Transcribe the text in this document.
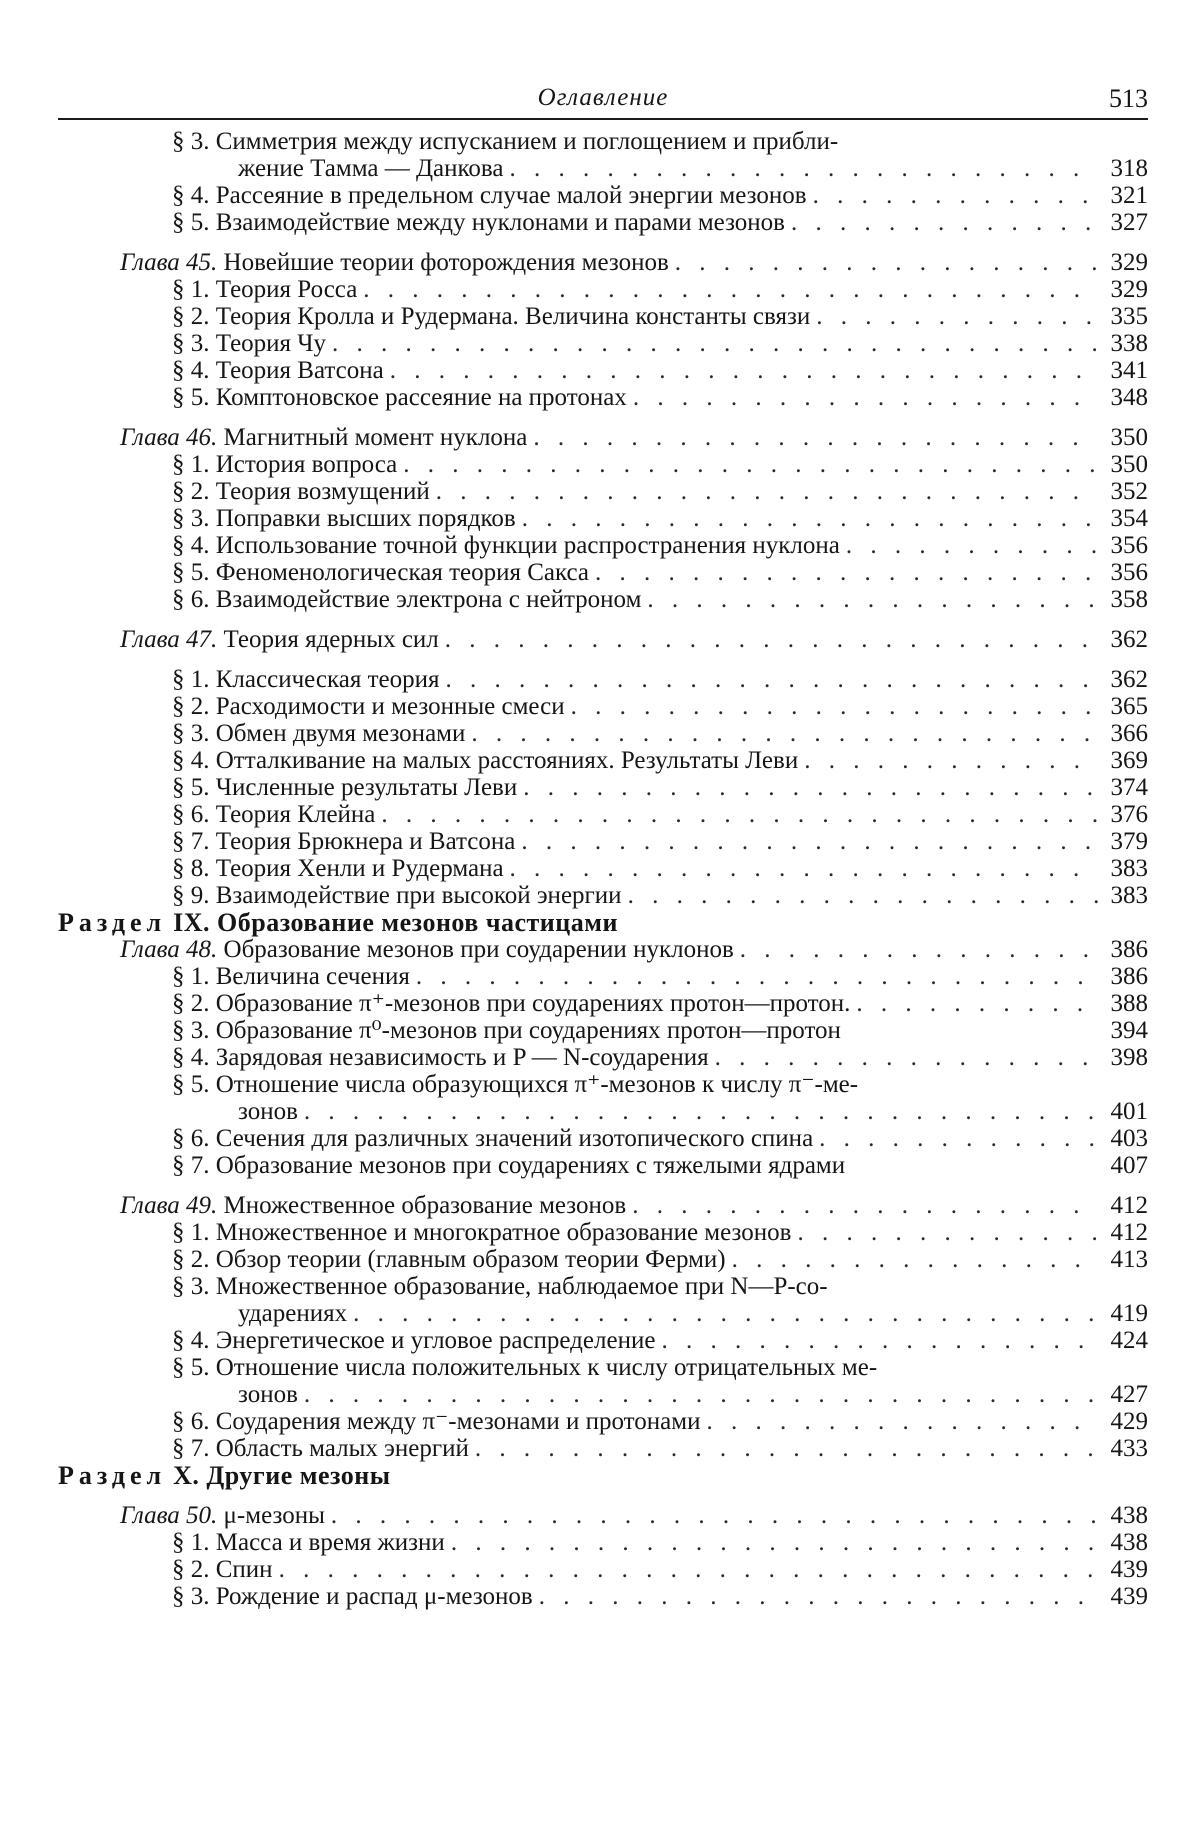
Оглавление	513
§ 3. Симметрия между испусканием и поглощением и прибли-
жение Тамма — Данкова . . .	318
§ 4. Рассеяние в предельном случае малой энергии мезонов . . .	321
§ 5. Взаимодействие между нуклонами и парами мезонов . . .	327
Глава 45. Новейшие теории фоторождения мезонов . . .	329
§ 1. Теория Росса . . .	329
§ 2. Теория Кролла и Рудермана. Величина константы связи . . .	335
§ 3. Теория Чу . . .	338
§ 4. Теория Ватсона . . .	341
§ 5. Комптоновское рассеяние на протонах . . .	348
Глава 46. Магнитный момент нуклона . . .	350
§ 1. История вопроса . . .	350
§ 2. Теория возмущений . . .	352
§ 3. Поправки высших порядков . . .	354
§ 4. Использование точной функции распространения нуклона . . .	356
§ 5. Феноменологическая теория Сакса . . .	356
§ 6. Взаимодействие электрона с нейтроном . . .	358
Глава 47. Теория ядерных сил . . .	362
§ 1. Классическая теория . . .	362
§ 2. Расходимости и мезонные смеси . . .	365
§ 3. Обмен двумя мезонами . . .	366
§ 4. Отталкивание на малых расстояниях. Результаты Леви . . .	369
§ 5. Численные результаты Леви . . .	374
§ 6. Теория Клейна . . .	376
§ 7. Теория Брюкнера и Ватсона . . .	379
§ 8. Теория Хенли и Рудермана . . .	383
§ 9. Взаимодействие при высокой энергии . . .	383
Раздел IX. Образование мезонов частицами
Глава 48. Образование мезонов при соударении нуклонов . . .	386
§ 1. Величина сечения . . .	386
§ 2. Образование π⁺-мезонов при соударениях протон—протон. . . .	388
§ 3. Образование π⁰-мезонов при соударениях протон—протон	394
§ 4. Зарядовая независимость и P — N-соударения . . .	398
§ 5. Отношение числа образующихся π⁺-мезонов к числу π⁻-ме-
зонов . . .	401
§ 6. Сечения для различных значений изотопического спина . . .	403
§ 7. Образование мезонов при соударениях с тяжелыми ядрами	407
Глава 49. Множественное образование мезонов . . .	412
§ 1. Множественное и многократное образование мезонов . . .	412
§ 2. Обзор теории (главным образом теории Ферми) . . .	413
§ 3. Множественное образование, наблюдаемое при N—P-со-
ударениях . . .	419
§ 4. Энергетическое и угловое распределение . . .	424
§ 5. Отношение числа положительных к числу отрицательных ме-
зонов . . .	427
§ 6. Соударения между π⁻-мезонами и протонами . . .	429
§ 7. Область малых энергий . . .	433
Раздел X. Другие мезоны
Глава 50. μ-мезоны . . .	438
§ 1. Масса и время жизни . . .	438
§ 2. Спин . . .	439
§ 3. Рождение и распад μ-мезонов . . .	439
